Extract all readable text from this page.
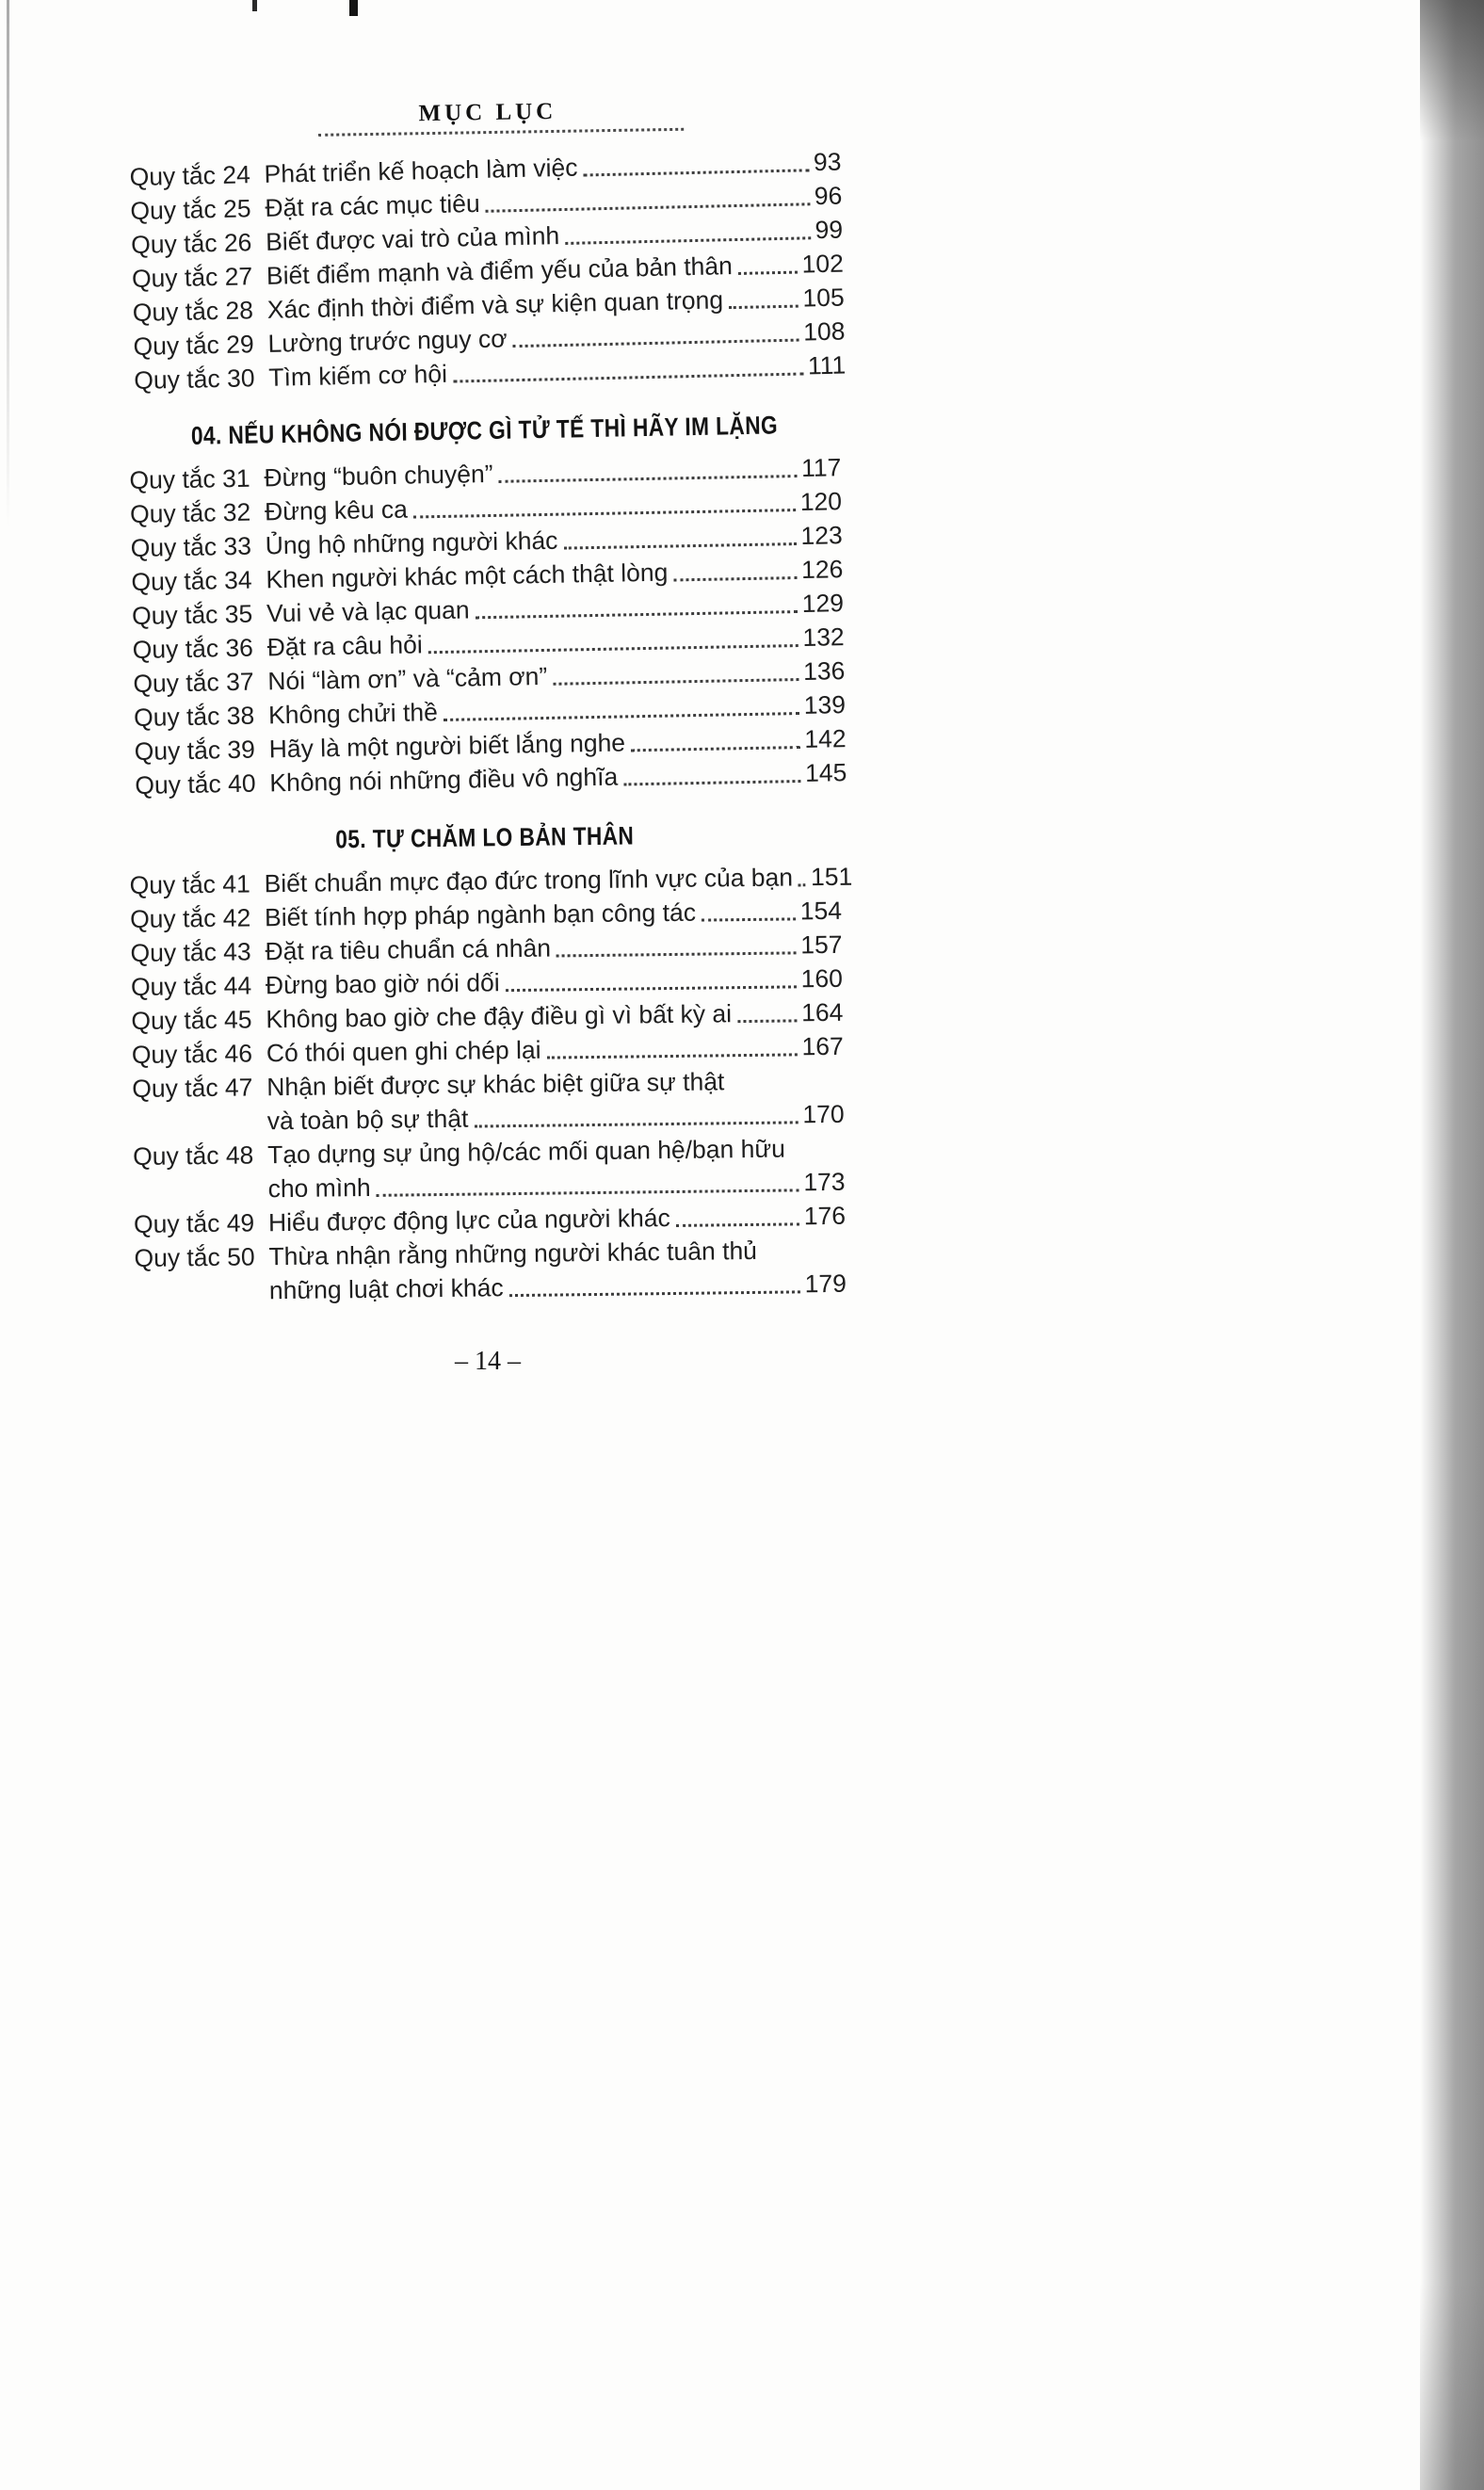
MỤC LỤC
Quy tắc 24 Phát triển kế hoạch làm việc	93
Quy tắc 25 Đặt ra các mục tiêu	96
Quy tắc 26 Biết được vai trò của mình	99
Quy tắc 27 Biết điểm mạnh và điểm yếu của bản thân	102
Quy tắc 28 Xác định thời điểm và sự kiện quan trọng	105
Quy tắc 29 Lường trước nguy cơ	108
Quy tắc 30 Tìm kiếm cơ hội	111
04. NẾU KHÔNG NÓI ĐƯỢC GÌ TỬ TẾ THÌ HÃY IM LẶNG
Quy tắc 31 Đừng “buôn chuyện”	117
Quy tắc 32 Đừng kêu ca	120
Quy tắc 33 Ủng hộ những người khác	123
Quy tắc 34 Khen người khác một cách thật lòng	126
Quy tắc 35 Vui vẻ và lạc quan	129
Quy tắc 36 Đặt ra câu hỏi	132
Quy tắc 37 Nói “làm ơn” và “cảm ơn”	136
Quy tắc 38 Không chửi thề	139
Quy tắc 39 Hãy là một người biết lắng nghe	142
Quy tắc 40 Không nói những điều vô nghĩa	145
05. TỰ CHĂM LO BẢN THÂN
Quy tắc 41 Biết chuẩn mực đạo đức trong lĩnh vực của bạn 151
Quy tắc 42 Biết tính hợp pháp ngành bạn công tác	154
Quy tắc 43 Đặt ra tiêu chuẩn cá nhân	157
Quy tắc 44 Đừng bao giờ nói dối	160
Quy tắc 45 Không bao giờ che đậy điều gì vì bất kỳ ai	164
Quy tắc 46 Có thói quen ghi chép lại	167
Quy tắc 47 Nhận biết được sự khác biệt giữa sự thật
và toàn bộ sự thật	170
Quy tắc 48 Tạo dựng sự ủng hộ/các mối quan hệ/bạn hữu
cho mình	173
Quy tắc 49 Hiểu được động lực của người khác	176
Quy tắc 50 Thừa nhận rằng những người khác tuân thủ
những luật chơi khác	179
– 14 –
